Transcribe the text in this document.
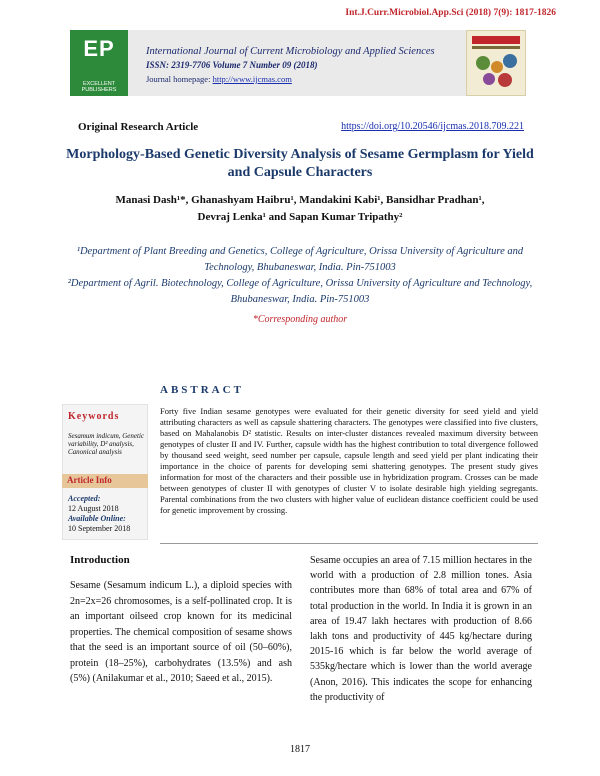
Int.J.Curr.Microbiol.App.Sci (2018) 7(9): 1817-1826
EP
EXCELLENT PUBLISHERS
International Journal of Current Microbiology and Applied Sciences
ISSN: 2319-7706 Volume 7 Number 09 (2018)
Journal homepage: http://www.ijcmas.com
Original Research Article	https://doi.org/10.20546/ijcmas.2018.709.221
Morphology-Based Genetic Diversity Analysis of Sesame Germplasm for Yield and Capsule Characters
Manasi Dash¹*, Ghanashyam Haibru¹, Mandakini Kabi¹, Bansidhar Pradhan¹,
Devraj Lenka¹ and Sapan Kumar Tripathy²
¹Department of Plant Breeding and Genetics, College of Agriculture, Orissa University of Agriculture and Technology, Bhubaneswar, India. Pin-751003
²Department of Agril. Biotechnology, College of Agriculture, Orissa University of Agriculture and Technology, Bhubaneswar, India. Pin-751003
*Corresponding author
ABSTRACT
Keywords
Sesamum indicum, Genetic variability, D² analysis, Canonical analysis
Article Info
Accepted:
12 August 2018
Available Online:
10 September 2018
Forty five Indian sesame genotypes were evaluated for their genetic diversity for seed yield and yield attributing characters as well as capsule shattering characters. The genotypes were classified into five clusters, based on Mahalanobis D² statistic. Results on inter-cluster distances revealed maximum diversity between genotypes of cluster II and IV. Further, capsule width has the highest contribution to total divergence followed by thousand seed weight, seed number per capsule, capsule length and seed yield per plant indicating their importance in the choice of parents for developing semi shattering genotypes. The present study gives information for most of the characters and their possible use in hybridization program. Crosses can be made between genotypes of cluster II with genotypes of cluster V to isolate desirable high yielding segregants. Parental combinations from the two clusters with higher value of euclidean distance coefficient could be used for genetic improvement by crossing.
Introduction
Sesame (Sesamum indicum L.), a diploid species with 2n=2x=26 chromosomes, is a self-pollinated crop. It is an important oilseed crop known for its medicinal properties. The chemical composition of sesame shows that the seed is an important source of oil (50–60%), protein (18–25%), carbohydrates (13.5%) and ash (5%) (Anilakumar et al., 2010; Saeed et al., 2015).
Sesame occupies an area of 7.15 million hectares in the world with a production of 2.8 million tones. Asia contributes more than 68% of total area and 67% of total production in the world. In India it is grown in an area of 19.47 lakh hectares with production of 8.66 lakh tons and productivity of 445 kg/hectare during 2015-16 which is far below the world average of 535kg/hectare which is lower than the world average (Anon, 2016). This indicates the scope for enhancing the productivity of
1817
